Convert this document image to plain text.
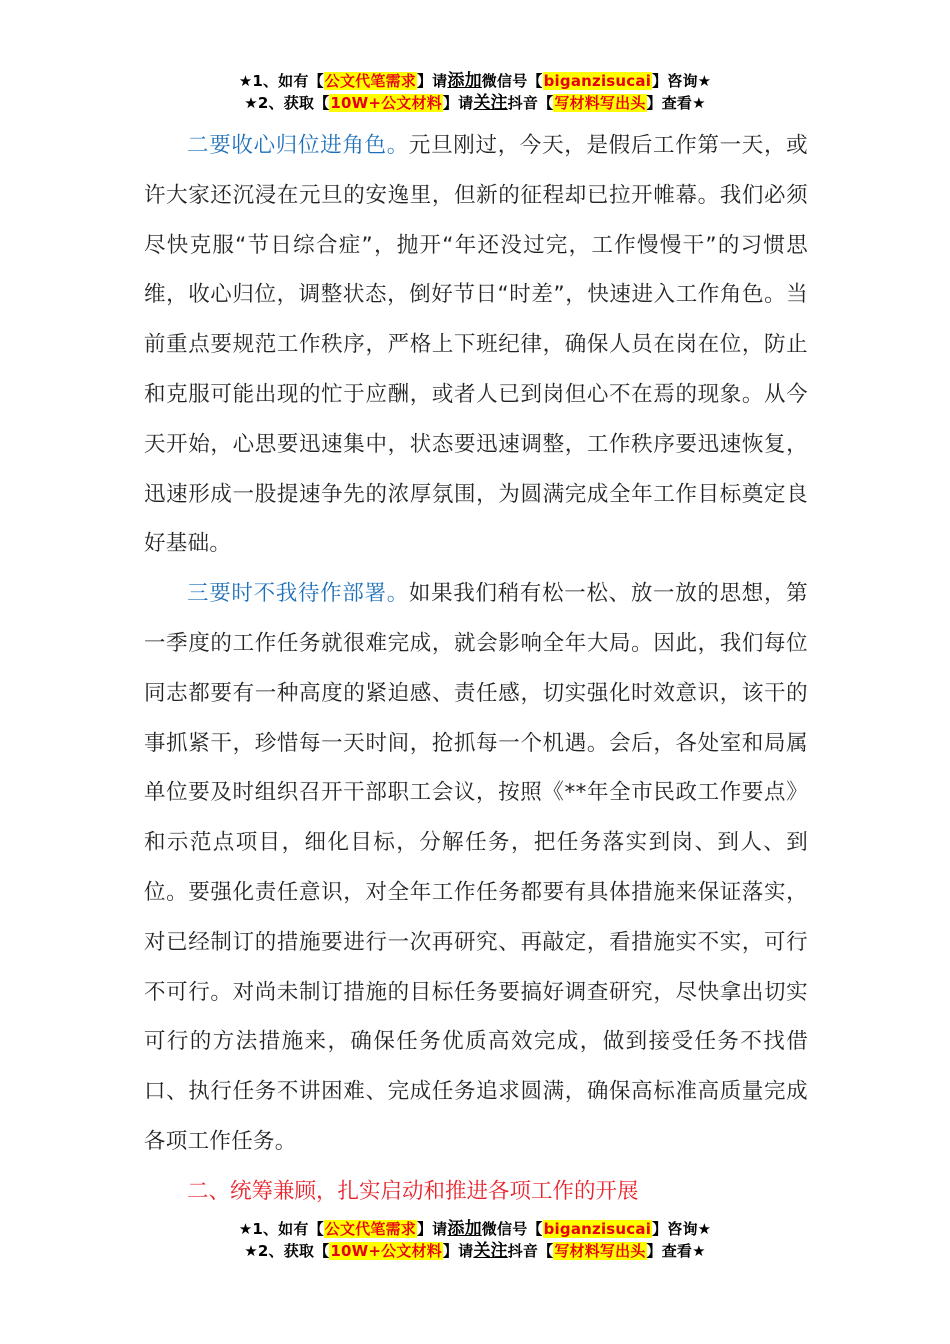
★1、如有【公文代笔需求】请添加微信号【biganzisucai】咨询★
★2、获取【10W+公文材料】请关注抖音【写材料写出头】查看★

二要收心归位进角色。元旦刚过，今天，是假后工作第一天，或许大家还沉浸在元旦的安逸里，但新的征程却已拉开帷幕。我们必须尽快克服“节日综合症”，抛开“年还没过完，工作慢慢干”的习惯思维，收心归位，调整状态，倒好节日“时差”，快速进入工作角色。当前重点要规范工作秩序，严格上下班纪律，确保人员在岗在位，防止和克服可能出现的忙于应酬，或者人已到岗但心不在焉的现象。从今天开始，心思要迅速集中，状态要迅速调整，工作秩序要迅速恢复，迅速形成一股提速争先的浓厚氛围，为圆满完成全年工作目标奠定良好基础。

三要时不我待作部署。如果我们稍有松一松、放一放的思想，第一季度的工作任务就很难完成，就会影响全年大局。因此，我们每位同志都要有一种高度的紧迫感、责任感，切实强化时效意识，该干的事抓紧干，珍惜每一天时间，抢抓每一个机遇。会后，各处室和局属单位要及时组织召开干部职工会议，按照《**年全市民政工作要点》和示范点项目，细化目标，分解任务，把任务落实到岗、到人、到位。要强化责任意识，对全年工作任务都要有具体措施来保证落实，对已经制订的措施要进行一次再研究、再敲定，看措施实不实，可行不可行。对尚未制订措施的目标任务要搞好调查研究，尽快拿出切实可行的方法措施来，确保任务优质高效完成，做到接受任务不找借口、执行任务不讲困难、完成任务追求圆满，确保高标准高质量完成各项工作任务。

二、统筹兼顾，扎实启动和推进各项工作的开展

★1、如有【公文代笔需求】请添加微信号【biganzisucai】咨询★
★2、获取【10W+公文材料】请关注抖音【写材料写出头】查看★
